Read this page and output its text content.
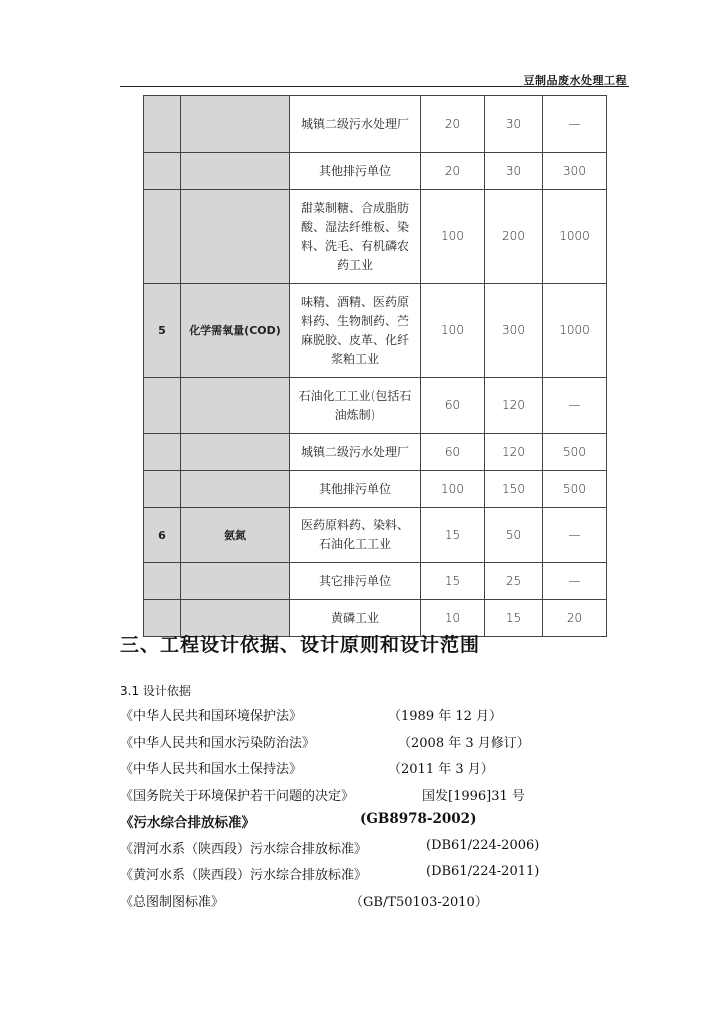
豆制品废水处理工程
		城镇二级污水处理厂	20	30	—
		其他排污单位	20	30	300
		甜菜制糖、合成脂肪酸、湿法纤维板、染料、洗毛、有机磷农药工业	100	200	1000
5	化学需氧量(COD)	味精、酒精、医药原料药、生物制药、苎麻脱胶、皮革、化纤浆粕工业	100	300	1000
		石油化工工业(包括石油炼制)	60	120	—
		城镇二级污水处理厂	60	120	500
		其他排污单位	100	150	500
6	氨氮	医药原料药、染料、石油化工工业	15	50	—
		其它排污单位	15	25	—
		黄磷工业	10	15	20
三、工程设计依据、设计原则和设计范围
3.1 设计依据
《中华人民共和国环境保护法》	（1989 年 12 月）
《中华人民共和国水污染防治法》	（2008 年 3 月修订）
《中华人民共和国水土保持法》	（2011 年 3 月）
《国务院关于环境保护若干问题的决定》	国发[1996]31 号
《污水综合排放标准》	(GB8978-2002)
《渭河水系（陕西段）污水综合排放标准》	(DB61/224-2006)
《黄河水系（陕西段）污水综合排放标准》	(DB61/224-2011)
《总图制图标准》	（GB/T50103-2010）
